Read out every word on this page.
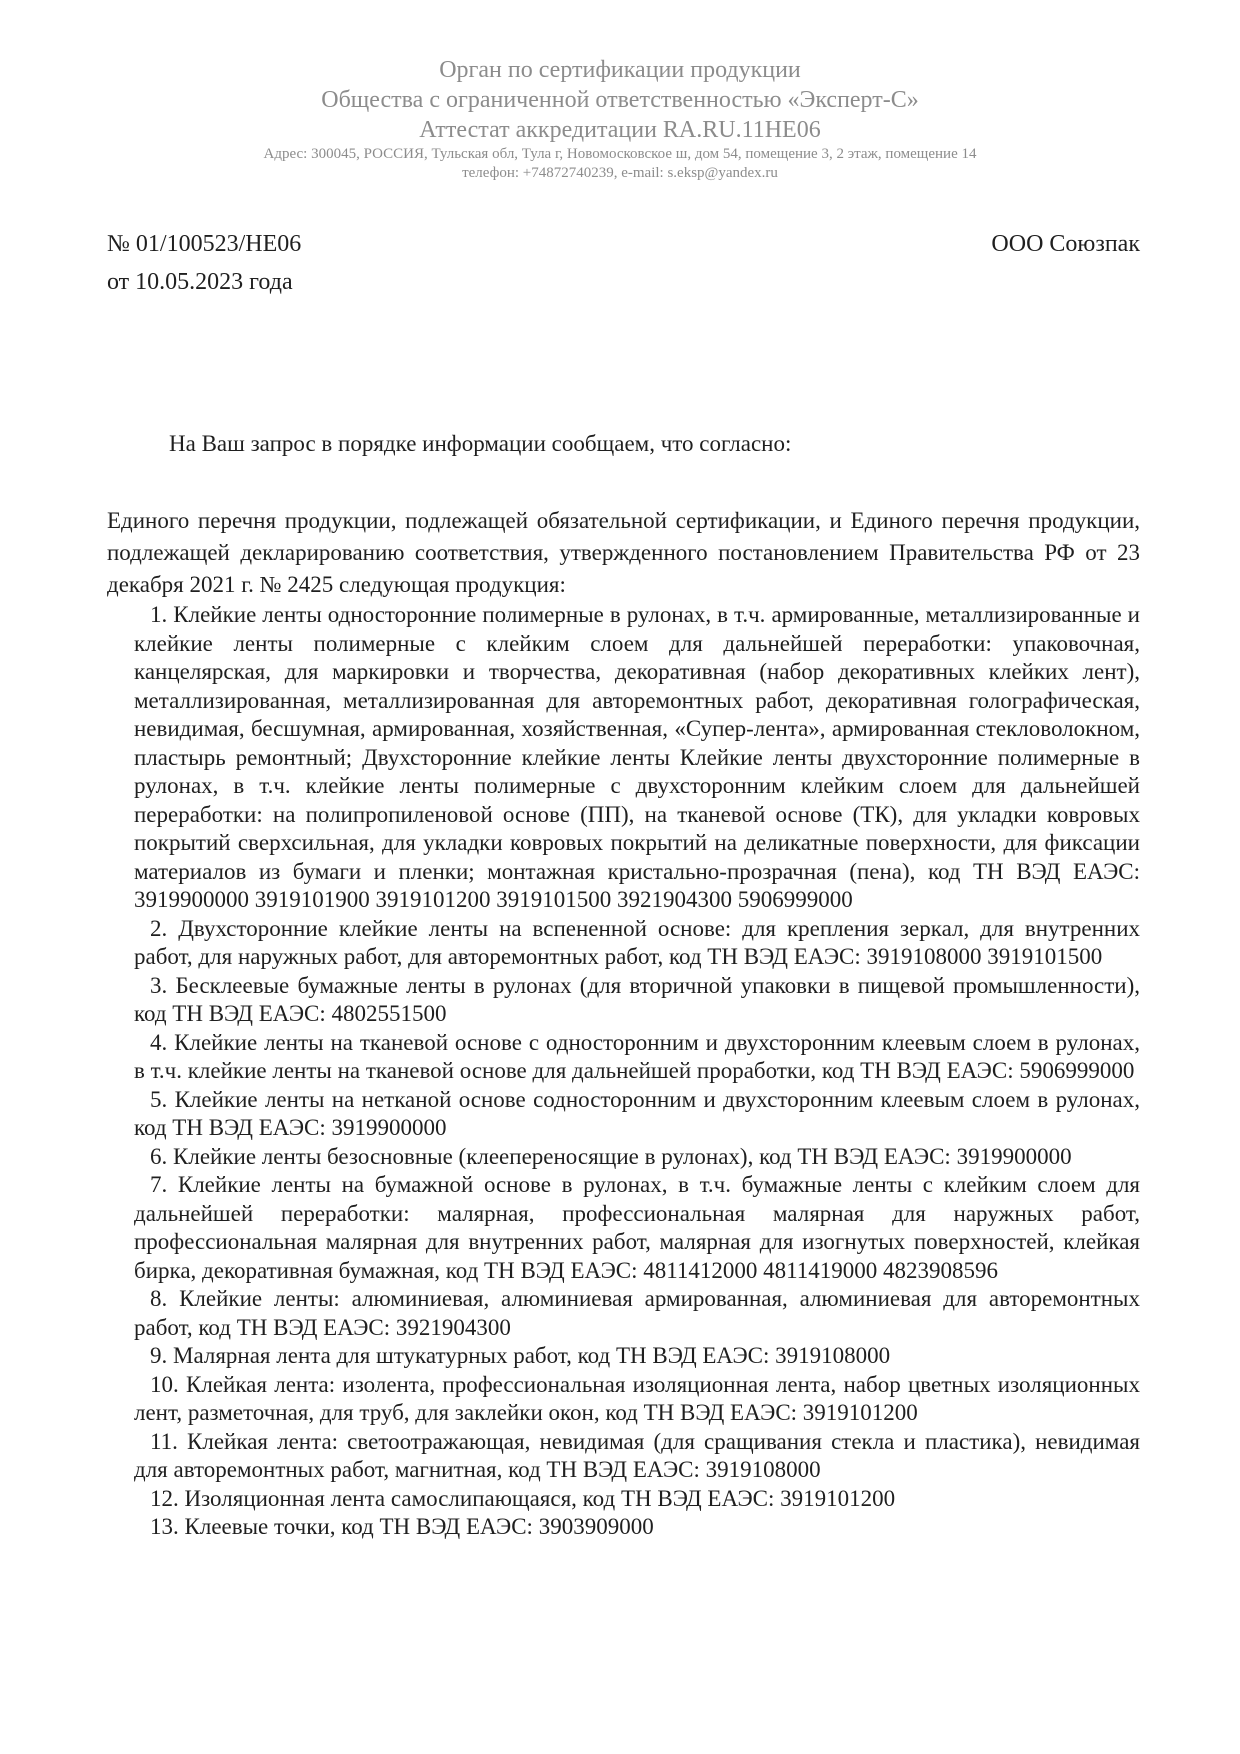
Орган по сертификации продукции

Общества с ограниченной ответственностью «Эксперт-С»

Аттестат аккредитации RA.RU.11НЕ06

Адрес: 300045, РОССИЯ, Тульская обл, Тула г, Новомосковское ш, дом 54, помещение 3, 2 этаж, помещение 14

телефон: +74872740239, e-mail: s.eksp@yandex.ru

№ 01/100523/НЕ06

от 10.05.2023 года

ООО Союзпак

На Ваш запрос в порядке информации сообщаем, что согласно:

Единого перечня продукции, подлежащей обязательной сертификации, и Единого перечня продукции, подлежащей декларированию соответствия, утвержденного постановлением Правительства РФ от 23 декабря 2021 г. № 2425 следующая продукция:

1. Клейкие ленты односторонние полимерные в рулонах, в т.ч. армированные, металлизированные и клейкие ленты полимерные с клейким слоем для дальнейшей переработки: упаковочная, канцелярская, для маркировки и творчества, декоративная (набор декоративных клейких лент), металлизированная, металлизированная для авторемонтных работ, декоративная голографическая, невидимая, бесшумная, армированная, хозяйственная, «Супер-лента», армированная стекловолокном, пластырь ремонтный; Двухсторонние клейкие ленты Клейкие ленты двухсторонние полимерные в рулонах, в т.ч. клейкие ленты полимерные с двухсторонним клейким слоем для дальнейшей переработки: на полипропиленовой основе (ПП), на тканевой основе (ТК), для укладки ковровых покрытий сверхсильная, для укладки ковровых покрытий на деликатные поверхности, для фиксации материалов из бумаги и пленки; монтажная кристально-прозрачная (пена), код ТН ВЭД ЕАЭС: 3919900000 3919101900 3919101200 3919101500 3921904300 5906999000

2. Двухсторонние клейкие ленты на вспененной основе: для крепления зеркал, для внутренних работ, для наружных работ, для авторемонтных работ, код ТН ВЭД ЕАЭС: 3919108000 3919101500

3. Бесклеевые бумажные ленты в рулонах (для вторичной упаковки в пищевой промышленности), код ТН ВЭД ЕАЭС: 4802551500

4. Клейкие ленты на тканевой основе с односторонним и двухсторонним клеевым слоем в рулонах, в т.ч. клейкие ленты на тканевой основе для дальнейшей проработки, код ТН ВЭД ЕАЭС: 5906999000

5. Клейкие ленты на нетканой основе содносторонним и двухсторонним клеевым слоем в рулонах, код ТН ВЭД ЕАЭС: 3919900000

6. Клейкие ленты безосновные (клеепереносящие в рулонах), код ТН ВЭД ЕАЭС: 3919900000

7. Клейкие ленты на бумажной основе в рулонах, в т.ч. бумажные ленты с клейким слоем для дальнейшей переработки: малярная, профессиональная малярная для наружных работ, профессиональная малярная для внутренних работ, малярная для изогнутых поверхностей, клейкая бирка, декоративная бумажная, код ТН ВЭД ЕАЭС: 4811412000 4811419000 4823908596

8. Клейкие ленты: алюминиевая, алюминиевая армированная, алюминиевая для авторемонтных работ, код ТН ВЭД ЕАЭС: 3921904300

9. Малярная лента для штукатурных работ, код ТН ВЭД ЕАЭС: 3919108000

10. Клейкая лента: изолента, профессиональная изоляционная лента, набор цветных изоляционных лент, разметочная, для труб, для заклейки окон, код ТН ВЭД ЕАЭС: 3919101200

11. Клейкая лента: светоотражающая, невидимая (для сращивания стекла и пластика), невидимая для авторемонтных работ, магнитная, код ТН ВЭД ЕАЭС: 3919108000

12. Изоляционная лента самослипающаяся, код ТН ВЭД ЕАЭС: 3919101200

13. Клеевые точки, код ТН ВЭД ЕАЭС: 3903909000
